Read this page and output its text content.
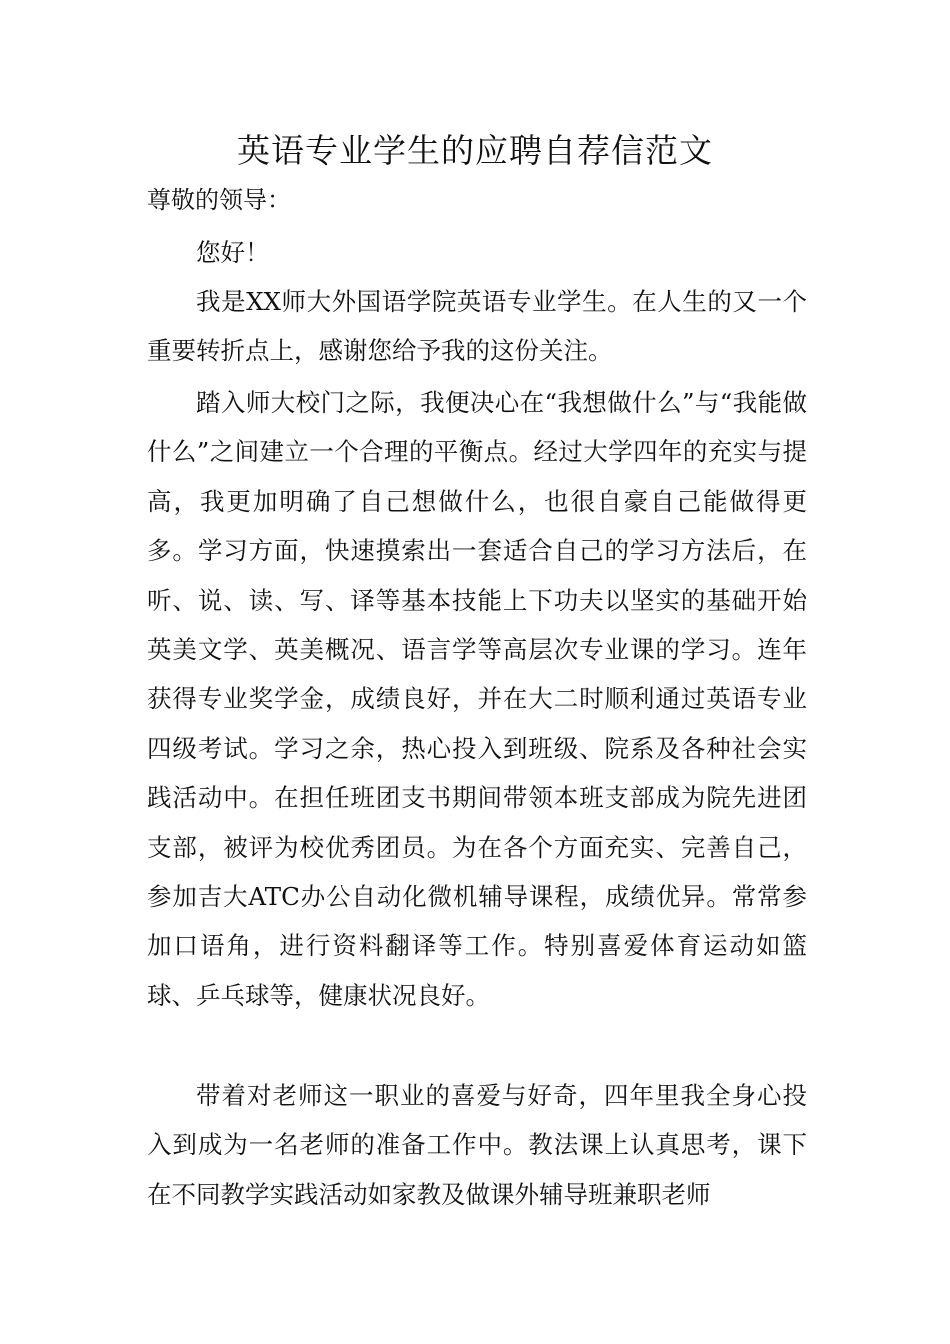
英语专业学生的应聘自荐信范文

尊敬的领导：

您好！

我是XX师大外国语学院英语专业学生。在人生的又一个重要转折点上，感谢您给予我的这份关注。

踏入师大校门之际，我便决心在“我想做什么”与“我能做什么”之间建立一个合理的平衡点。经过大学四年的充实与提高，我更加明确了自己想做什么，也很自豪自己能做得更多。学习方面，快速摸索出一套适合自己的学习方法后，在听、说、读、写、译等基本技能上下功夫以坚实的基础开始英美文学、英美概况、语言学等高层次专业课的学习。连年获得专业奖学金，成绩良好，并在大二时顺利通过英语专业四级考试。学习之余，热心投入到班级、院系及各种社会实践活动中。在担任班团支书期间带领本班支部成为院先进团支部，被评为校优秀团员。为在各个方面充实、完善自己，参加吉大ATC办公自动化微机辅导课程，成绩优异。常常参加口语角，进行资料翻译等工作。特别喜爱体育运动如篮球、乒乓球等，健康状况良好。

带着对老师这一职业的喜爱与好奇，四年里我全身心投入到成为一名老师的准备工作中。教法课上认真思考，课下在不同教学实践活动如家教及做课外辅导班兼职老师
